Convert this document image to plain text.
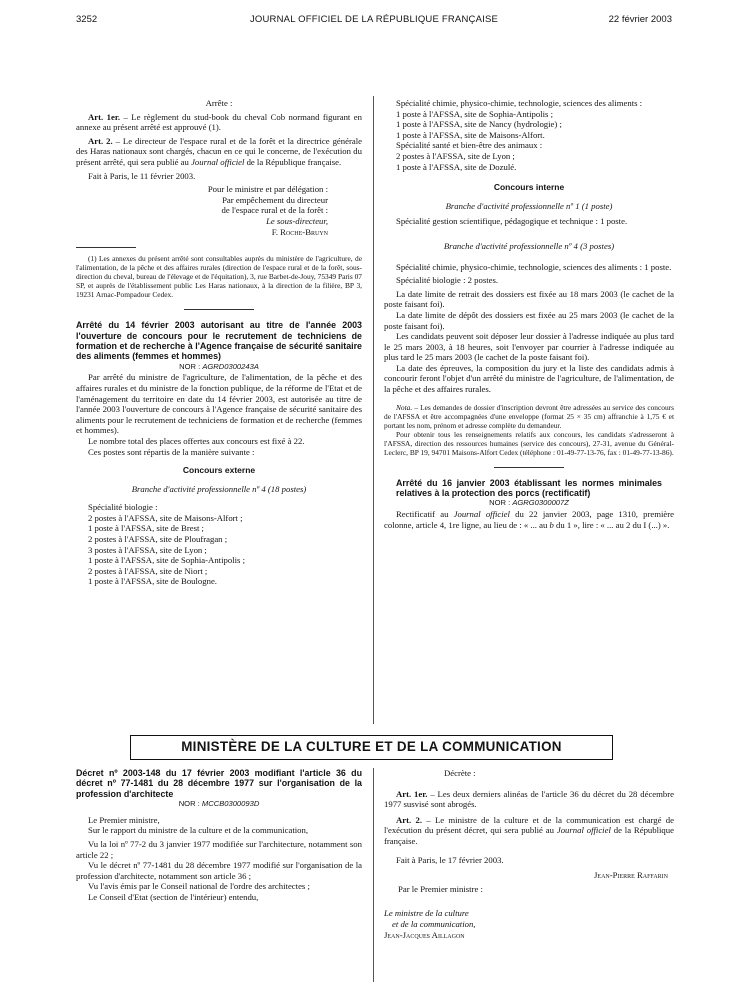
3252	JOURNAL OFFICIEL DE LA RÉPUBLIQUE FRANÇAISE	22 février 2003

Arrête :

Art. 1er. – Le règlement du stud-book du cheval Cob normand figurant en annexe au présent arrêté est approuvé (1).

Art. 2. – Le directeur de l'espace rural et de la forêt et la directrice générale des Haras nationaux sont chargés, chacun en ce qui le concerne, de l'exécution du présent arrêté, qui sera publié au Journal officiel de la République française.

Fait à Paris, le 11 février 2003.

Pour le ministre et par délégation :

Par empêchement du directeur

de l'espace rural et de la forêt :

Le sous-directeur,

F. Roche-Bruyn

(1) Les annexes du présent arrêté sont consultables auprès du ministère de l'agriculture, de l'alimentation, de la pêche et des affaires rurales (direction de l'espace rural et de la forêt, sous-direction du cheval, bureau de l'élevage et de l'équitation), 3, rue Barbet-de-Jouy, 75349 Paris 07 SP, et auprès de l'établissement public Les Haras nationaux, à la direction de la filière, BP 3, 19231 Arnac-Pompadour Cedex.

Arrêté du 14 février 2003 autorisant au titre de l'année 2003 l'ouverture de concours pour le recrutement de techniciens de formation et de recherche à l'Agence française de sécurité sanitaire des aliments (femmes et hommes)

NOR : AGRD0300243A

Par arrêté du ministre de l'agriculture, de l'alimentation, de la pêche et des affaires rurales et du ministre de la fonction publique, de la réforme de l'Etat et de l'aménagement du territoire en date du 14 février 2003, est autorisée au titre de l'année 2003 l'ouverture de concours à l'Agence française de sécurité sanitaire des aliments pour le recrutement de techniciens de formation et de recherche (femmes et hommes).

Le nombre total des places offertes aux concours est fixé à 22.

Ces postes sont répartis de la manière suivante :

Concours externe

Branche d'activité professionnelle nº 4 (18 postes)

Spécialité biologie :

2 postes à l'AFSSA, site de Maisons-Alfort ;

1 poste à l'AFSSA, site de Brest ;

2 postes à l'AFSSA, site de Ploufragan ;

3 postes à l'AFSSA, site de Lyon ;

1 poste à l'AFSSA, site de Sophia-Antipolis ;

2 postes à l'AFSSA, site de Niort ;

1 poste à l'AFSSA, site de Boulogne.

Spécialité chimie, physico-chimie, technologie, sciences des aliments :

1 poste à l'AFSSA, site de Sophia-Antipolis ;

1 poste à l'AFSSA, site de Nancy (hydrologie) ;

1 poste à l'AFSSA, site de Maisons-Alfort.

Spécialité santé et bien-être des animaux :

2 postes à l'AFSSA, site de Lyon ;

1 poste à l'AFSSA, site de Dozulé.

Concours interne

Branche d'activité professionnelle nº 1 (1 poste)

Spécialité gestion scientifique, pédagogique et technique : 1 poste.

Branche d'activité professionnelle nº 4 (3 postes)

Spécialité chimie, physico-chimie, technologie, sciences des aliments : 1 poste.

Spécialité biologie : 2 postes.

La date limite de retrait des dossiers est fixée au 18 mars 2003 (le cachet de la poste faisant foi).

La date limite de dépôt des dossiers est fixée au 25 mars 2003 (le cachet de la poste faisant foi).

Les candidats peuvent soit déposer leur dossier à l'adresse indiquée au plus tard le 25 mars 2003, à 18 heures, soit l'envoyer par courrier à l'adresse indiquée au plus tard le 25 mars 2003 (le cachet de la poste faisant foi).

La date des épreuves, la composition du jury et la liste des candidats admis à concourir feront l'objet d'un arrêté du ministre de l'agriculture, de l'alimentation, de la pêche et des affaires rurales.

Nota. – Les demandes de dossier d'inscription devront être adressées au service des concours de l'AFSSA et être accompagnées d'une enveloppe (format 25 × 35 cm) affranchie à 1,75 € et portant les nom, prénom et adresse complète du demandeur.

Pour obtenir tous les renseignements relatifs aux concours, les candidats s'adresseront à l'AFSSA, direction des ressources humaines (service des concours), 27-31, avenue du Général-Leclerc, BP 19, 94701 Maisons-Alfort Cedex (téléphone : 01-49-77-13-76, fax : 01-49-77-13-86).

Arrêté du 16 janvier 2003 établissant les normes minimales relatives à la protection des porcs (rectificatif)

NOR : AGRG0300007Z

Rectificatif au Journal officiel du 22 janvier 2003, page 1310, première colonne, article 4, 1re ligne, au lieu de : « ... au b du 1 », lire : « ... au 2 du I (...) ».

MINISTÈRE DE LA CULTURE ET DE LA COMMUNICATION

Décret nº 2003-148 du 17 février 2003 modifiant l'article 36 du décret nº 77-1481 du 28 décembre 1977 sur l'organisation de la profession d'architecte

NOR : MCCB0300093D

Le Premier ministre,

Sur le rapport du ministre de la culture et de la communication,

Vu la loi nº 77-2 du 3 janvier 1977 modifiée sur l'architecture, notamment son article 22 ;

Vu le décret nº 77-1481 du 28 décembre 1977 modifié sur l'organisation de la profession d'architecte, notamment son article 36 ;

Vu l'avis émis par le Conseil national de l'ordre des architectes ;

Le Conseil d'Etat (section de l'intérieur) entendu,

Décrète :

Art. 1er. – Les deux derniers alinéas de l'article 36 du décret du 28 décembre 1977 susvisé sont abrogés.

Art. 2. – Le ministre de la culture et de la communication est chargé de l'exécution du présent décret, qui sera publié au Journal officiel de la République française.

Fait à Paris, le 17 février 2003.

Jean-Pierre Raffarin

Par le Premier ministre :

Le ministre de la culture

et de la communication,

Jean-Jacques Aillagon
